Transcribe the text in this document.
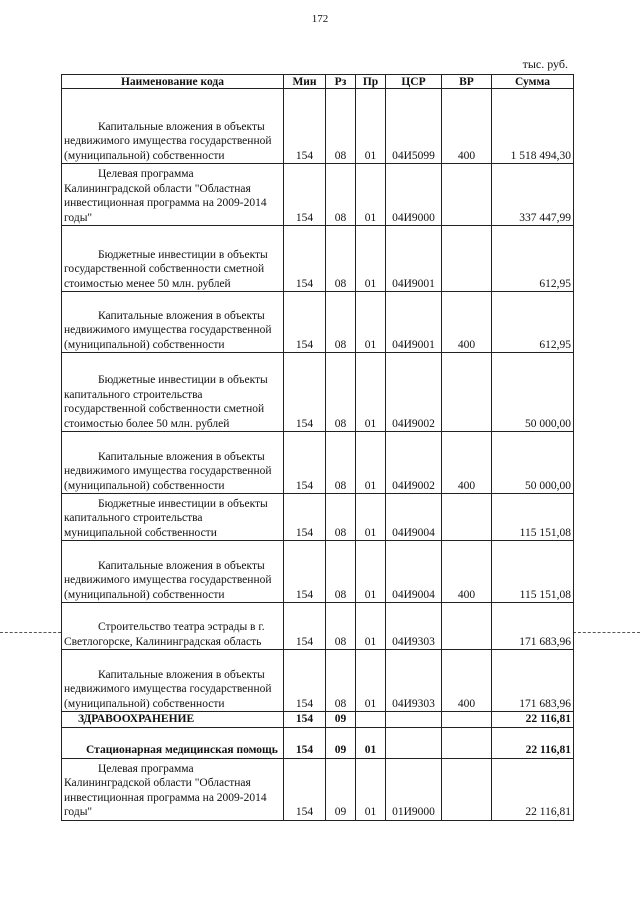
172
тыс. руб.
Наименование кода	Мин	Рз	Пр	ЦСР	ВР	Сумма
Капитальные вложения в объекты недвижимого имущества государственной (муниципальной) собственности	154	08	01	04И5099	400	1 518 494,30
Целевая программа Калининградской области "Областная инвестиционная программа на 2009-2014 годы"	154	08	01	04И9000		337 447,99
Бюджетные инвестиции в объекты государственной собственности сметной стоимостью менее 50 млн. рублей	154	08	01	04И9001		612,95
Капитальные вложения в объекты недвижимого имущества государственной (муниципальной) собственности	154	08	01	04И9001	400	612,95
Бюджетные инвестиции в объекты капитального строительства государственной собственности сметной стоимостью более 50 млн. рублей	154	08	01	04И9002		50 000,00
Капитальные вложения в объекты недвижимого имущества государственной (муниципальной) собственности	154	08	01	04И9002	400	50 000,00
Бюджетные инвестиции в объекты капитального строительства муниципальной собственности	154	08	01	04И9004		115 151,08
Капитальные вложения в объекты недвижимого имущества государственной (муниципальной) собственности	154	08	01	04И9004	400	115 151,08
Строительство театра эстрады в г. Светлогорске, Калининградская область	154	08	01	04И9303		171 683,96
Капитальные вложения в объекты недвижимого имущества государственной (муниципальной) собственности	154	08	01	04И9303	400	171 683,96
ЗДРАВООХРАНЕНИЕ	154	09				22 116,81
Стационарная медицинская помощь	154	09	01			22 116,81
Целевая программа Калининградской области "Областная инвестиционная программа на 2009-2014 годы"	154	09	01	01И9000		22 116,81
